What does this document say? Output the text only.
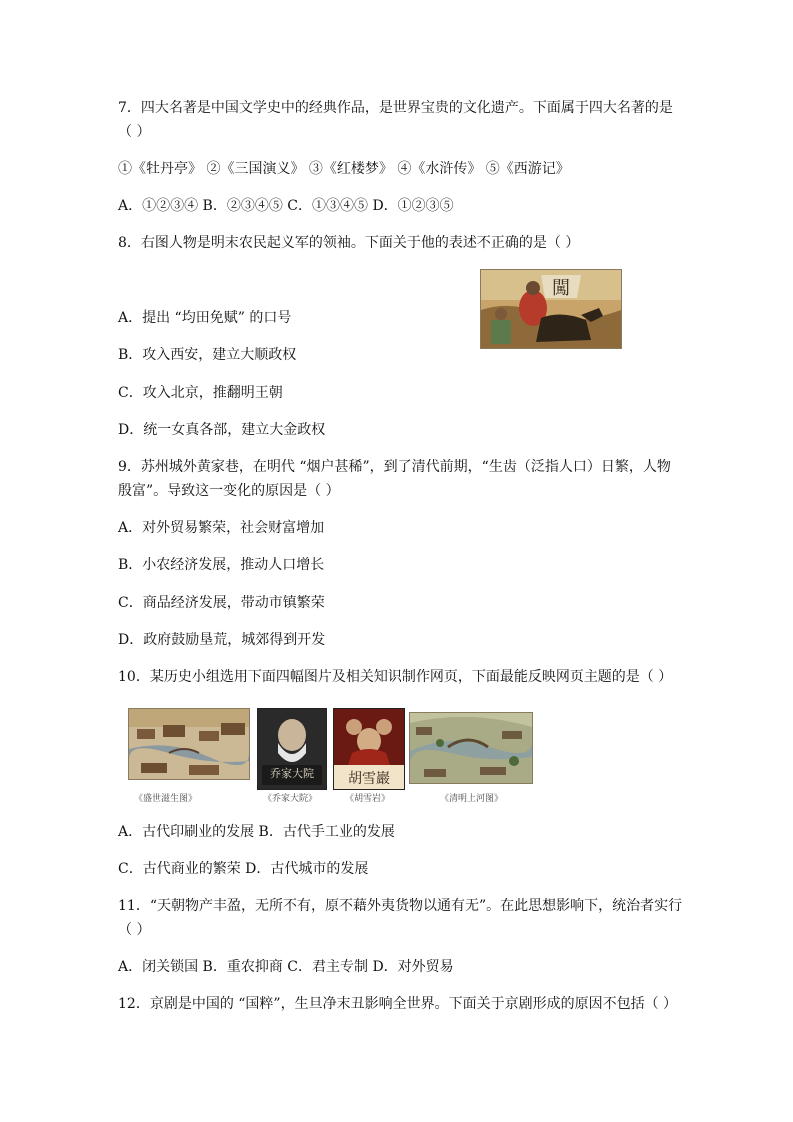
7．四大名著是中国文学史中的经典作品，是世界宝贵的文化遗产。下面属于四大名著的是
（ ）
①《牡丹亭》 ②《三国演义》 ③《红楼梦》 ④《水浒传》 ⑤《西游记》
A．①②③④ B．②③④⑤ C．①③④⑤ D．①②③⑤
8．右图人物是明末农民起义军的领袖。下面关于他的表述不正确的是（ ）
闖
A．提出 “均田免赋” 的口号
B．攻入西安，建立大顺政权
C．攻入北京，推翻明王朝
D．统一女真各部，建立大金政权
9．苏州城外黄家巷，在明代 “烟户甚稀”，到了清代前期，“生齿（泛指人口）日繁，人物
殷富”。导致这一变化的原因是（ ）
A．对外贸易繁荣，社会财富增加
B．小农经济发展，推动人口增长
C．商品经济发展，带动市镇繁荣
D．政府鼓励垦荒，城郊得到开发
10．某历史小组选用下面四幅图片及相关知识制作网页，下面最能反映网页主题的是（ ）
《盛世滋生图》
乔家大院
《乔家大院》
胡雪巖
《胡雪岩》	《清明上河图》
A．古代印刷业的发展 B．古代手工业的发展
C．古代商业的繁荣 D．古代城市的发展
11．“天朝物产丰盈，无所不有，原不藉外夷货物以通有无”。在此思想影响下，统治者实行
（ ）
A．闭关锁国 B．重农抑商 C．君主专制 D．对外贸易
12．京剧是中国的 “国粹”，生旦净末丑影响全世界。下面关于京剧形成的原因不包括（ ）
